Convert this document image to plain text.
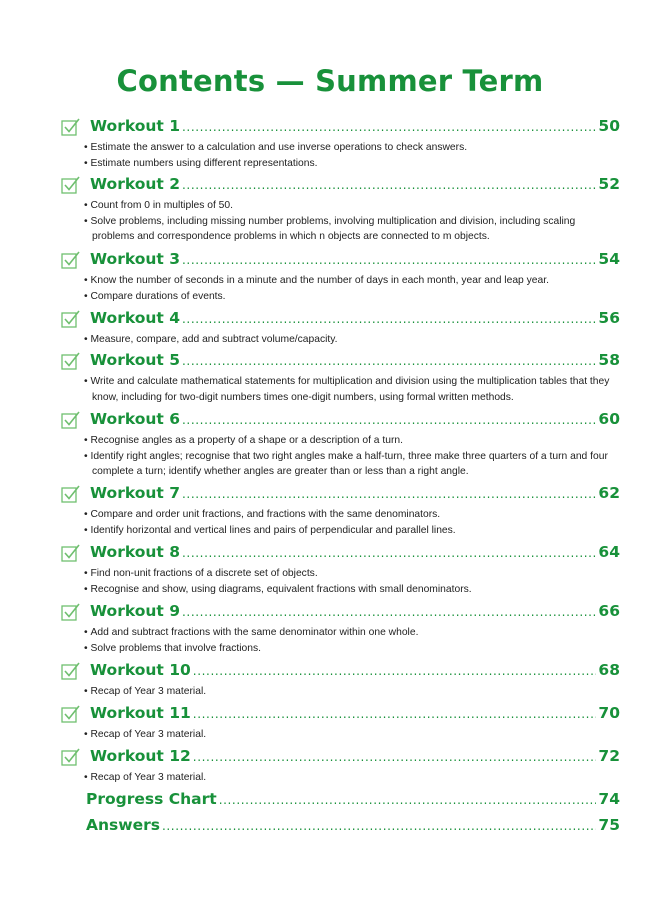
Contents — Summer Term
Workout 1 .....	50
• Estimate the answer to a calculation and use inverse operations to check answers.
• Estimate numbers using different representations.
Workout 2 .....	52
• Count from 0 in multiples of 50.
• Solve problems, including missing number problems, involving multiplication and division, including scaling problems and correspondence problems in which n objects are connected to m objects.
Workout 3 .....	54
• Know the number of seconds in a minute and the number of days in each month, year and leap year.
• Compare durations of events.
Workout 4 .....	56
• Measure, compare, add and subtract volume/capacity.
Workout 5 .....	58
• Write and calculate mathematical statements for multiplication and division using the multiplication tables that they know, including for two-digit numbers times one-digit numbers, using formal written methods.
Workout 6 .....	60
• Recognise angles as a property of a shape or a description of a turn.
• Identify right angles; recognise that two right angles make a half-turn, three make three quarters of a turn and four complete a turn; identify whether angles are greater than or less than a right angle.
Workout 7 .....	62
• Compare and order unit fractions, and fractions with the same denominators.
• Identify horizontal and vertical lines and pairs of perpendicular and parallel lines.
Workout 8 .....	64
• Find non-unit fractions of a discrete set of objects.
• Recognise and show, using diagrams, equivalent fractions with small denominators.
Workout 9 .....	66
• Add and subtract fractions with the same denominator within one whole.
• Solve problems that involve fractions.
Workout 10 .....	68
• Recap of Year 3 material.
Workout 11 .....	70
• Recap of Year 3 material.
Workout 12 .....	72
• Recap of Year 3 material.
Progress Chart .....	74
Answers .....	75
